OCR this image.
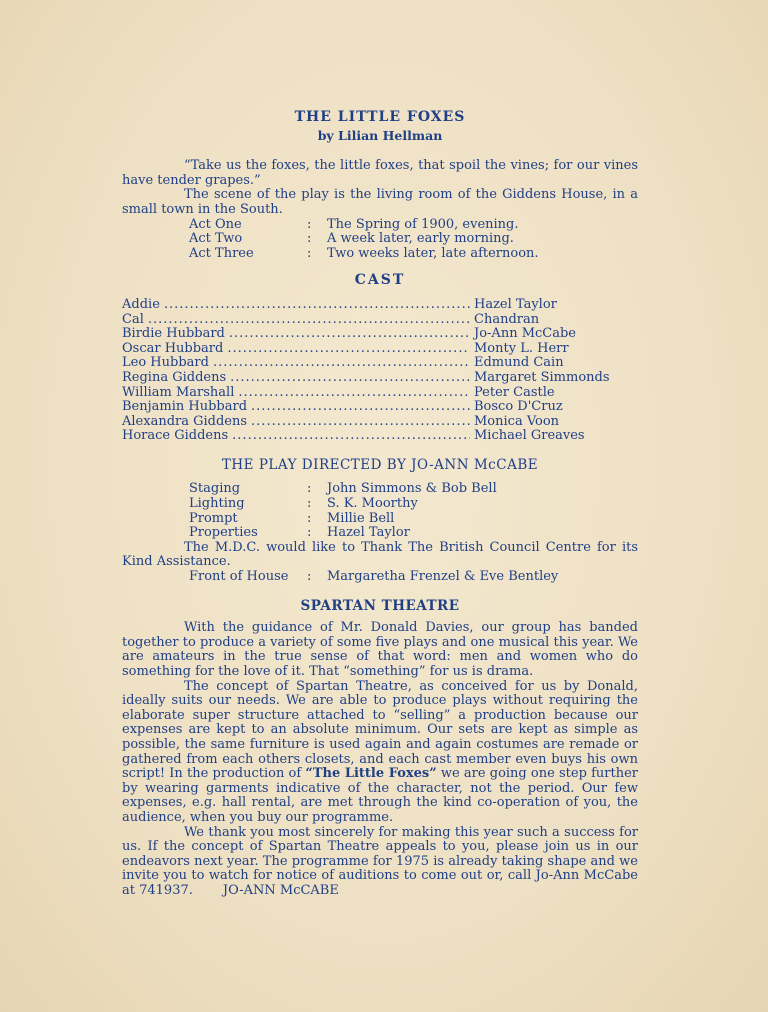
THE LITTLE FOXES
by Lilian Hellman

“Take us the foxes, the little foxes, that spoil the vines; for our vines have tender grapes.”

The scene of the play is the living room of the Giddens House, in a small town in the South.

Act One	:	The Spring of 1900, evening.
Act Two	:	A week later, early morning.
Act Three	:	Two weeks later, late afternoon.
CAST
Addie .....	Hazel Taylor
Cal .....	Chandran
Birdie Hubbard .....	Jo-Ann McCabe
Oscar Hubbard .....	Monty L. Herr
Leo Hubbard .....	Edmund Cain
Regina Giddens .....	Margaret Simmonds
William Marshall .....	Peter Castle
Benjamin Hubbard .....	Bosco D'Cruz
Alexandra Giddens .....	Monica Voon
Horace Giddens .....	Michael Greaves
THE PLAY DIRECTED BY JO-ANN McCABE
Staging	:	John Simmons & Bob Bell
Lighting	:	S. K. Moorthy
Prompt	:	Millie Bell
Properties	:	Hazel Taylor

The M.D.C. would like to Thank The British Council Centre for its Kind Assistance.

Front of House : Margaretha Frenzel & Eve Bentley
SPARTAN THEATRE

With the guidance of Mr. Donald Davies, our group has banded together to produce a variety of some five plays and one musical this year. We are amateurs in the true sense of that word: men and women who do something for the love of it. That “something” for us is drama.

The concept of Spartan Theatre, as conceived for us by Donald, ideally suits our needs. We are able to produce plays without requiring the elaborate super structure attached to “selling” a production because our expenses are kept to an absolute minimum. Our sets are kept as simple as possible, the same furniture is used again and again costumes are remade or gathered from each others closets, and each cast member even buys his own script! In the production of “The Little Foxes” we are going one step further by wearing garments indicative of the character, not the period. Our few expenses, e.g. hall rental, are met through the kind co-operation of you, the audience, when you buy our programme.

We thank you most sincerely for making this year such a success for us. If the concept of Spartan Theatre appeals to you, please join us in our endeavors next year. The programme for 1975 is already taking shape and we invite you to watch for notice of auditions to come out or, call Jo-Ann McCabe at 741937. JO-ANN McCABE
